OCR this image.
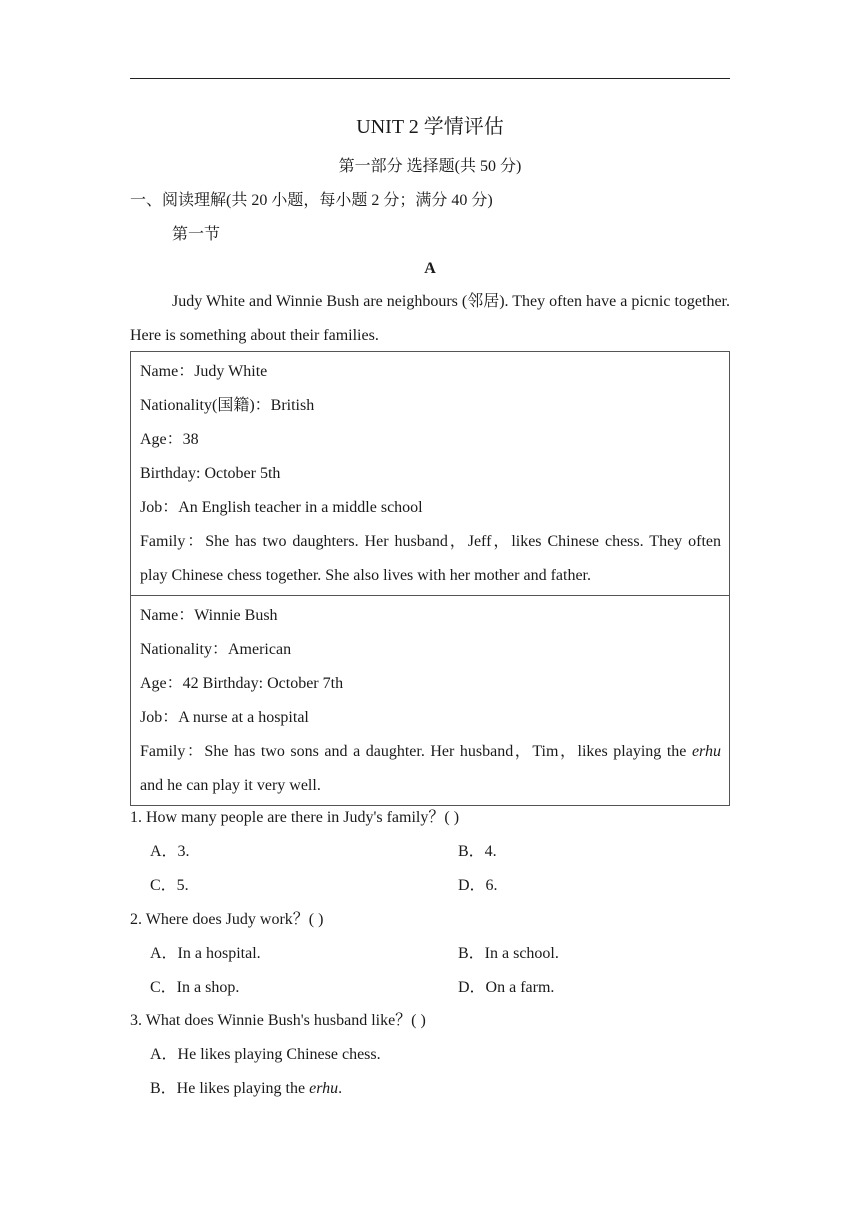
UNIT 2 学情评估
第一部分 选择题(共 50 分)
一、阅读理解(共 20 小题，每小题 2 分；满分 40 分)
第一节
A
Judy White and Winnie Bush are neighbours (邻居). They often have a picnic together. Here is something about their families.
Name：Judy White
Nationality(国籍)：British
Age：38
Birthday: October 5th
Job：An English teacher in a middle school
Family：She has two daughters. Her husband，Jeff，likes Chinese chess. They often play Chinese chess together. She also lives with her mother and father.
Name：Winnie Bush
Nationality：American
Age：42 Birthday: October 7th
Job：A nurse at a hospital
Family：She has two sons and a daughter. Her husband，Tim，likes playing the erhu and he can play it very well.
1. How many people are there in Judy's family？( )
A．3.	B．4.
C．5.	D．6.
2. Where does Judy work？( )
A．In a hospital.	B．In a school.
C．In a shop.	D．On a farm.
3. What does Winnie Bush's husband like？( )
A．He likes playing Chinese chess.
B．He likes playing the erhu.
